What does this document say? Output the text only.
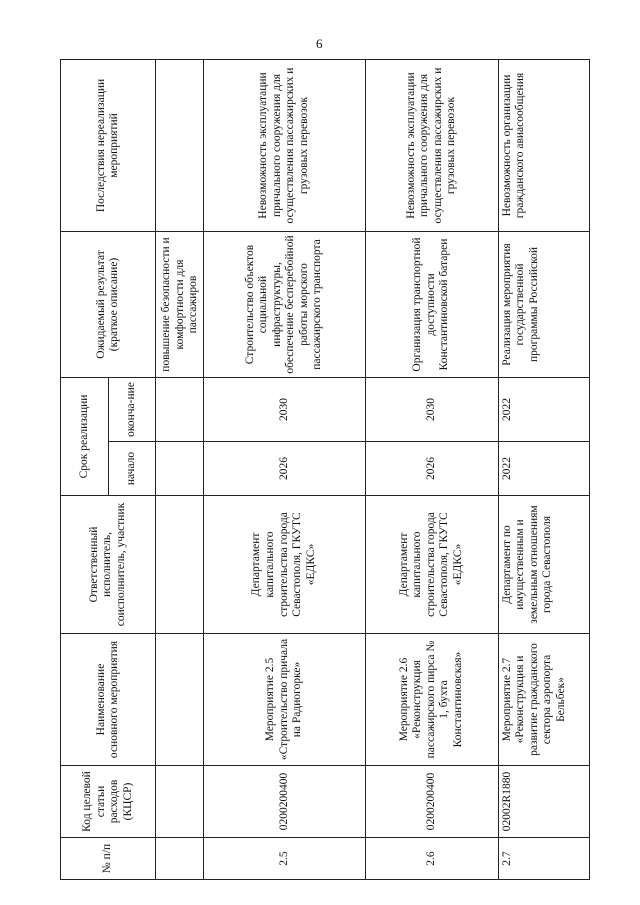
6
№ п/п	Код целевой статьи расходов (КЦСР)	Наименование основного мероприятия	Ответственный исполнитель, соисполнитель, участник	Срок реализации		Ожидаемый результат (краткое описание)	Последствия нереализации мероприятий
				начало	оконча-ние		
						повышение безопасности и комфортности для пассажиров	
2.5	0200200400	Мероприятие 2.5 «Строительство причала на Радиогорке»	Департамент капитального строительства города Севастополя, ГКУТС «ЕДКС»	2026	2030	Строительство объектов социальной инфраструктуры, обеспечение бесперебойной работы морского пассажирского транспорта	Невозможность эксплуатации причального сооружения для осуществления пассажирских и грузовых перевозок
2.6	0200200400	Мероприятие 2.6 «Реконструкция пассажирского пирса № 1, бухта Константиновская»	Департамент капитального строительства города Севастополя, ГКУТС «ЕДКС»	2026	2030	Организация транспортной доступности Константиновской батареи	Невозможность эксплуатации причального сооружения для осуществления пассажирских и грузовых перевозок
2.7	02002R1880	Мероприятие 2.7 «Реконструкция и развитие гражданского сектора аэропорта Бельбек»	Департамент по имущественным и земельным отношениям города Севастополя	2022	2022	Реализация мероприятия государственной программы Российской	Невозможность организации гражданского авиасообщения
